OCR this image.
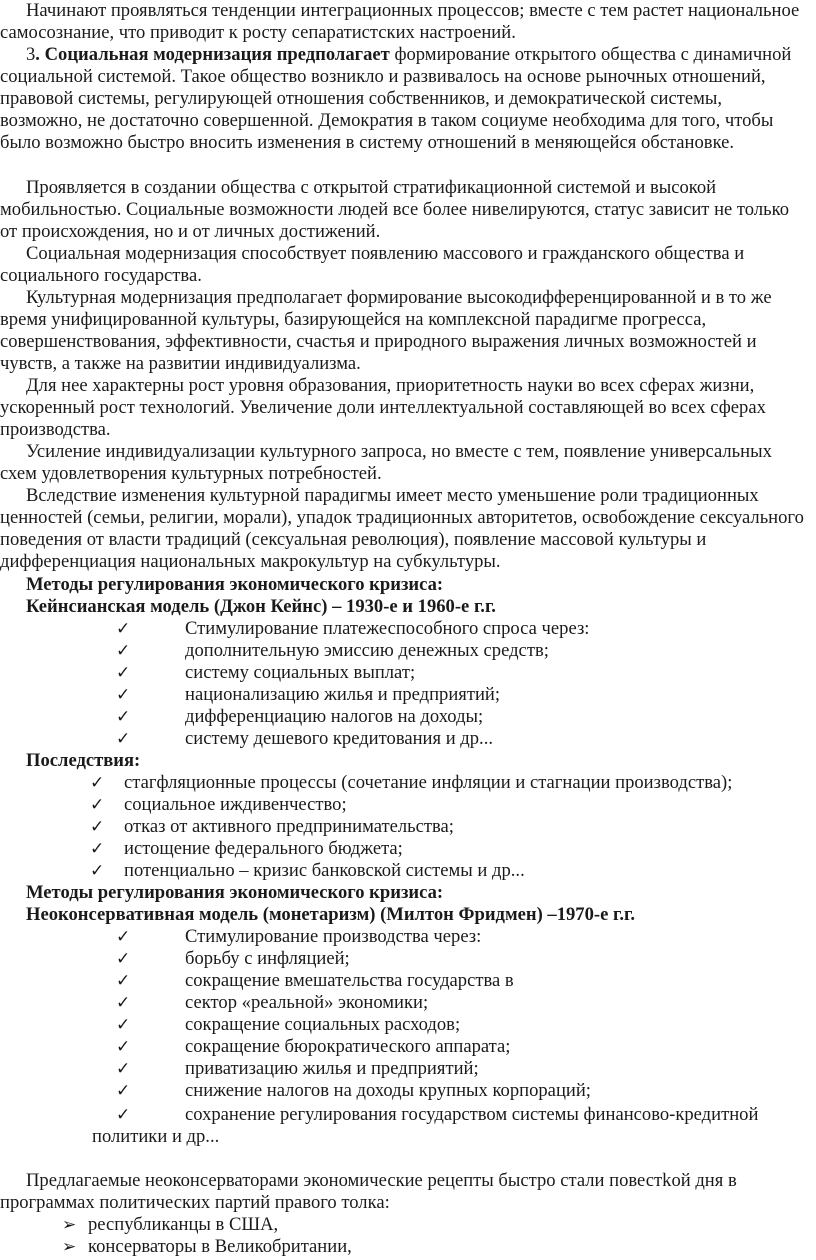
Начинают проявляться тенденции интеграционных процессов; вместе с тем растет национальное самосознание, что приводит к росту сепаратистских настроений.

3. Социальная модернизация предполагает формирование открытого общества с динамичной социальной системой. Такое общество возникло и развивалось на основе рыночных отношений, правовой системы, регулирующей отношения собственников, и демократической системы, возможно, не достаточно совершенной. Демократия в таком социуме необходима для того, чтобы было возможно быстро вносить изменения в систему отношений в меняющейся обстановке.

Проявляется в создании общества с открытой стратификационной системой и высокой мобильностью. Социальные возможности людей все более нивелируются, статус зависит не только от происхождения, но и от личных достижений.

Социальная модернизация способствует появлению массового и гражданского общества и социального государства.

Культурная модернизация предполагает формирование высокодифференцированной и в то же время унифицированной культуры, базирующейся на комплексной парадигме прогресса, совершенствования, эффективности, счастья и природного выражения личных возможностей и чувств, а также на развитии индивидуализма.

Для нее характерны рост уровня образования, приоритетность науки во всех сферах жизни, ускоренный рост технологий. Увеличение доли интеллектуальной составляющей во всех сферах производства.

Усиление индивидуализации культурного запроса, но вместе с тем, появление универсальных схем удовлетворения культурных потребностей.

Вследствие изменения культурной парадигмы имеет место уменьшение роли традиционных ценностей (семьи, религии, морали), упадок традиционных авторитетов, освобождение сексуального поведения от власти традиций (сексуальная революция), появление массовой культуры и дифференциация национальных макрокультур на субкультуры.

Методы регулирования экономического кризиса:
Кейнсианская модель (Джон Кейнс) – 1930-е и 1960-е г.г.
✓	Стимулирование платежеспособного спроса через:
✓	дополнительную эмиссию денежных средств;
✓	систему социальных выплат;
✓	национализацию жилья и предприятий;
✓	дифференциацию налогов на доходы;
✓	систему дешевого кредитования и др...
Последствия:
✓ стагфляционные процессы (сочетание инфляции и стагнации производства);
✓ социальное иждивенчество;
✓ отказ от активного предпринимательства;
✓ истощение федерального бюджета;
✓ потенциально – кризис банковской системы и др...
Методы регулирования экономического кризиса:
Неоконсервативная модель (монетаризм) (Милтон Фридмен) –1970-е г.г.
✓	Стимулирование производства через:
✓	борьбу с инфляцией;
✓	сокращение вмешательства государства в
✓	сектор «реальной» экономики;
✓	сокращение социальных расходов;
✓	сокращение бюрократического аппарата;
✓	приватизацию жилья и предприятий;
✓	снижение налогов на доходы крупных корпораций;
✓	сохранение регулирования государством системы финансово-кредитной
политики и др...

Предлагаемые неоконсерваторами экономические рецепты быстро стали повестkой дня в программах политических партий правого толка:

➢ республиканцы в США,
➢ консерваторы в Великобритании,
